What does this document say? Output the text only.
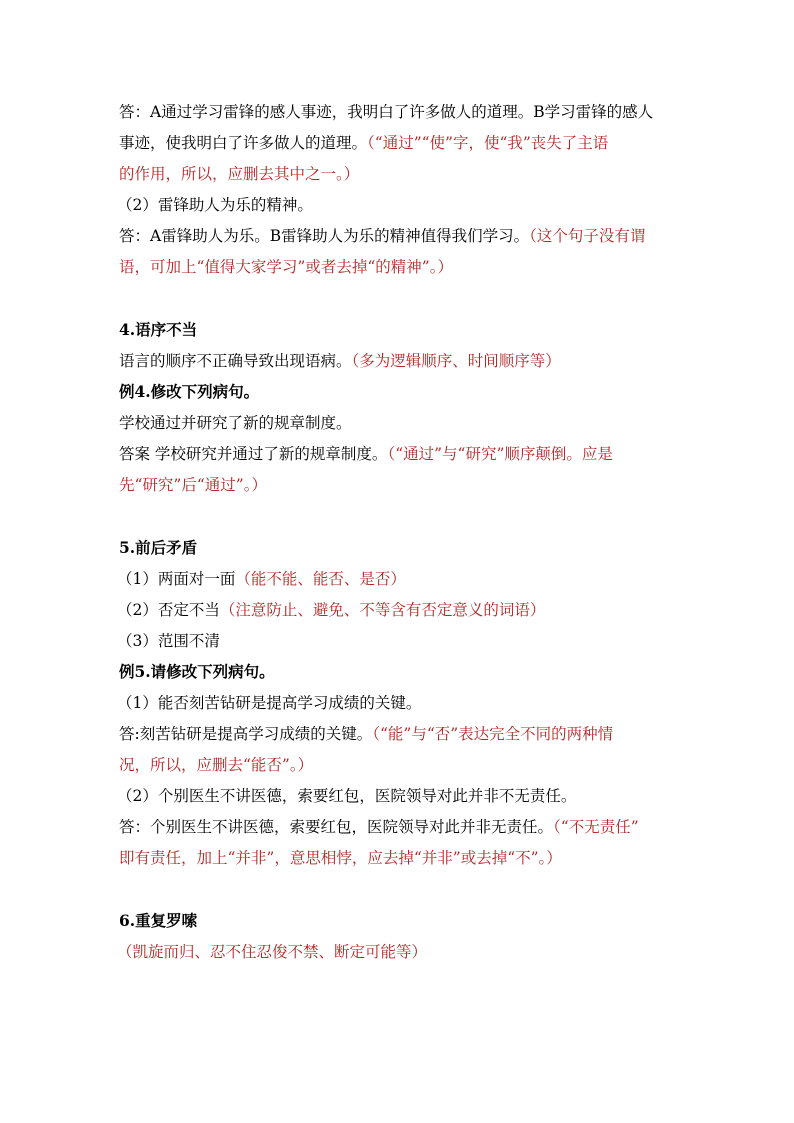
答：A通过学习雷锋的感人事迹，我明白了许多做人的道理。B学习雷锋的感人
事迹，使我明白了许多做人的道理。（“通过”“使”字，使“我”丧失了主语
的作用，所以，应删去其中之一。）
（2）雷锋助人为乐的精神。
答：A雷锋助人为乐。B雷锋助人为乐的精神值得我们学习。（这个句子没有谓
语，可加上“值得大家学习”或者去掉“的精神”。）
4.语序不当
语言的顺序不正确导致出现语病。（多为逻辑顺序、时间顺序等）
例4.修改下列病句。
学校通过并研究了新的规章制度。
答案 学校研究并通过了新的规章制度。（“通过”与“研究”顺序颠倒。应是
先“研究”后“通过”。）
5.前后矛盾
（1）两面对一面（能不能、能否、是否）
（2）否定不当（注意防止、避免、不等含有否定意义的词语）
（3）范围不清
例5.请修改下列病句。
（1）能否刻苦钻研是提高学习成绩的关键。
答:刻苦钻研是提高学习成绩的关键。（“能”与“否”表达完全不同的两种情
况，所以，应删去“能否”。）
（2）个别医生不讲医德，索要红包，医院领导对此并非不无责任。
答：个别医生不讲医德，索要红包，医院领导对此并非无责任。（“不无责任”
即有责任，加上“并非”，意思相悖，应去掉“并非”或去掉“不”。）
6.重复罗嗦
（凯旋而归、忍不住忍俊不禁、断定可能等）
